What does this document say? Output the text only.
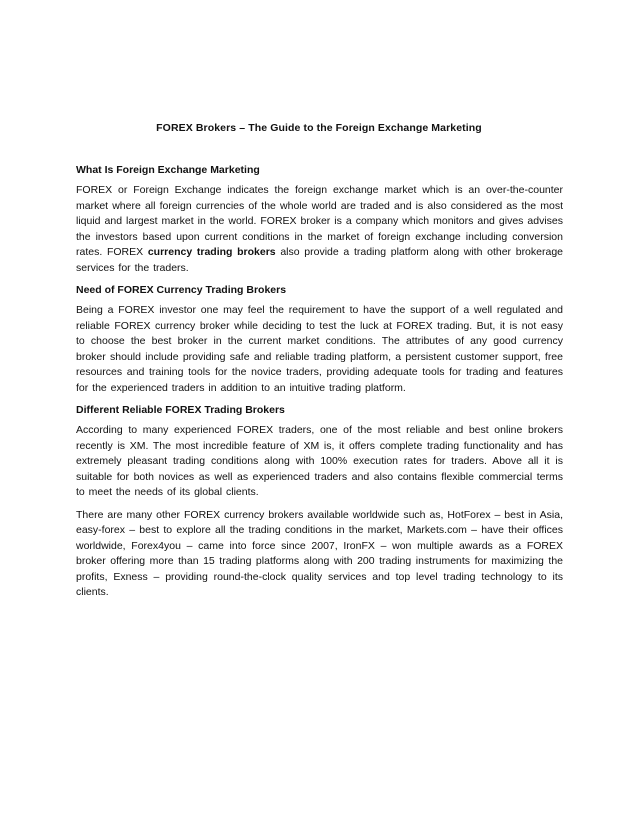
FOREX Brokers – The Guide to the Foreign Exchange Marketing
What Is Foreign Exchange Marketing

FOREX or Foreign Exchange indicates the foreign exchange market which is an over-the-counter market where all foreign currencies of the whole world are traded and is also considered as the most liquid and largest market in the world. FOREX broker is a company which monitors and gives advises the investors based upon current conditions in the market of foreign exchange including conversion rates. FOREX currency trading brokers also provide a trading platform along with other brokerage services for the traders.

Need of FOREX Currency Trading Brokers

Being a FOREX investor one may feel the requirement to have the support of a well regulated and reliable FOREX currency broker while deciding to test the luck at FOREX trading. But, it is not easy to choose the best broker in the current market conditions. The attributes of any good currency broker should include providing safe and reliable trading platform, a persistent customer support, free resources and training tools for the novice traders, providing adequate tools for trading and features for the experienced traders in addition to an intuitive trading platform.

Different Reliable FOREX Trading Brokers

According to many experienced FOREX traders, one of the most reliable and best online brokers recently is XM. The most incredible feature of XM is, it offers complete trading functionality and has extremely pleasant trading conditions along with 100% execution rates for traders. Above all it is suitable for both novices as well as experienced traders and also contains flexible commercial terms to meet the needs of its global clients.

There are many other FOREX currency brokers available worldwide such as, HotForex – best in Asia, easy-forex – best to explore all the trading conditions in the market, Markets.com – have their offices worldwide, Forex4you – came into force since 2007, IronFX – won multiple awards as a FOREX broker offering more than 15 trading platforms along with 200 trading instruments for maximizing the profits, Exness – providing round-the-clock quality services and top level trading technology to its clients.
